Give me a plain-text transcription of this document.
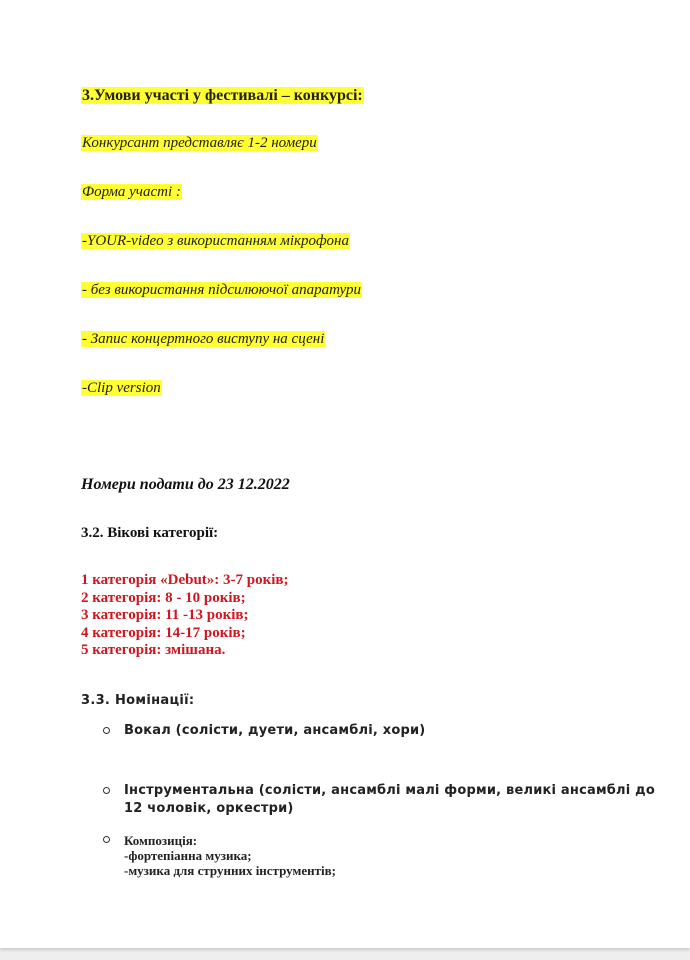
3.Умови участі у фестивалі – конкурсі:
Конкурсант представляє 1-2 номери
Форма участі :
-YOUR-video з використанням мікрофона
- без використання підсилюючої апаратури
- Запис концертного виступу на сцені
-Clip version
Номери подати до 23 12.2022
3.2. Вікові категорії:
1 категорія «Debut»: 3-7 років;
2 категорія: 8 - 10 років;
3 категорія: 11 -13 років;
4 категорія: 14-17 років;
5 категорія: змішана.
3.3. Номінації:
Вокал (солісти, дуети, ансамблі, хори)
Інструментальна (солісти, ансамблі малі форми, великі ансамблі до 12 чоловік, оркестри)
Композиція:
-фортепіанна музика;
-музика для струнних інструментів;
